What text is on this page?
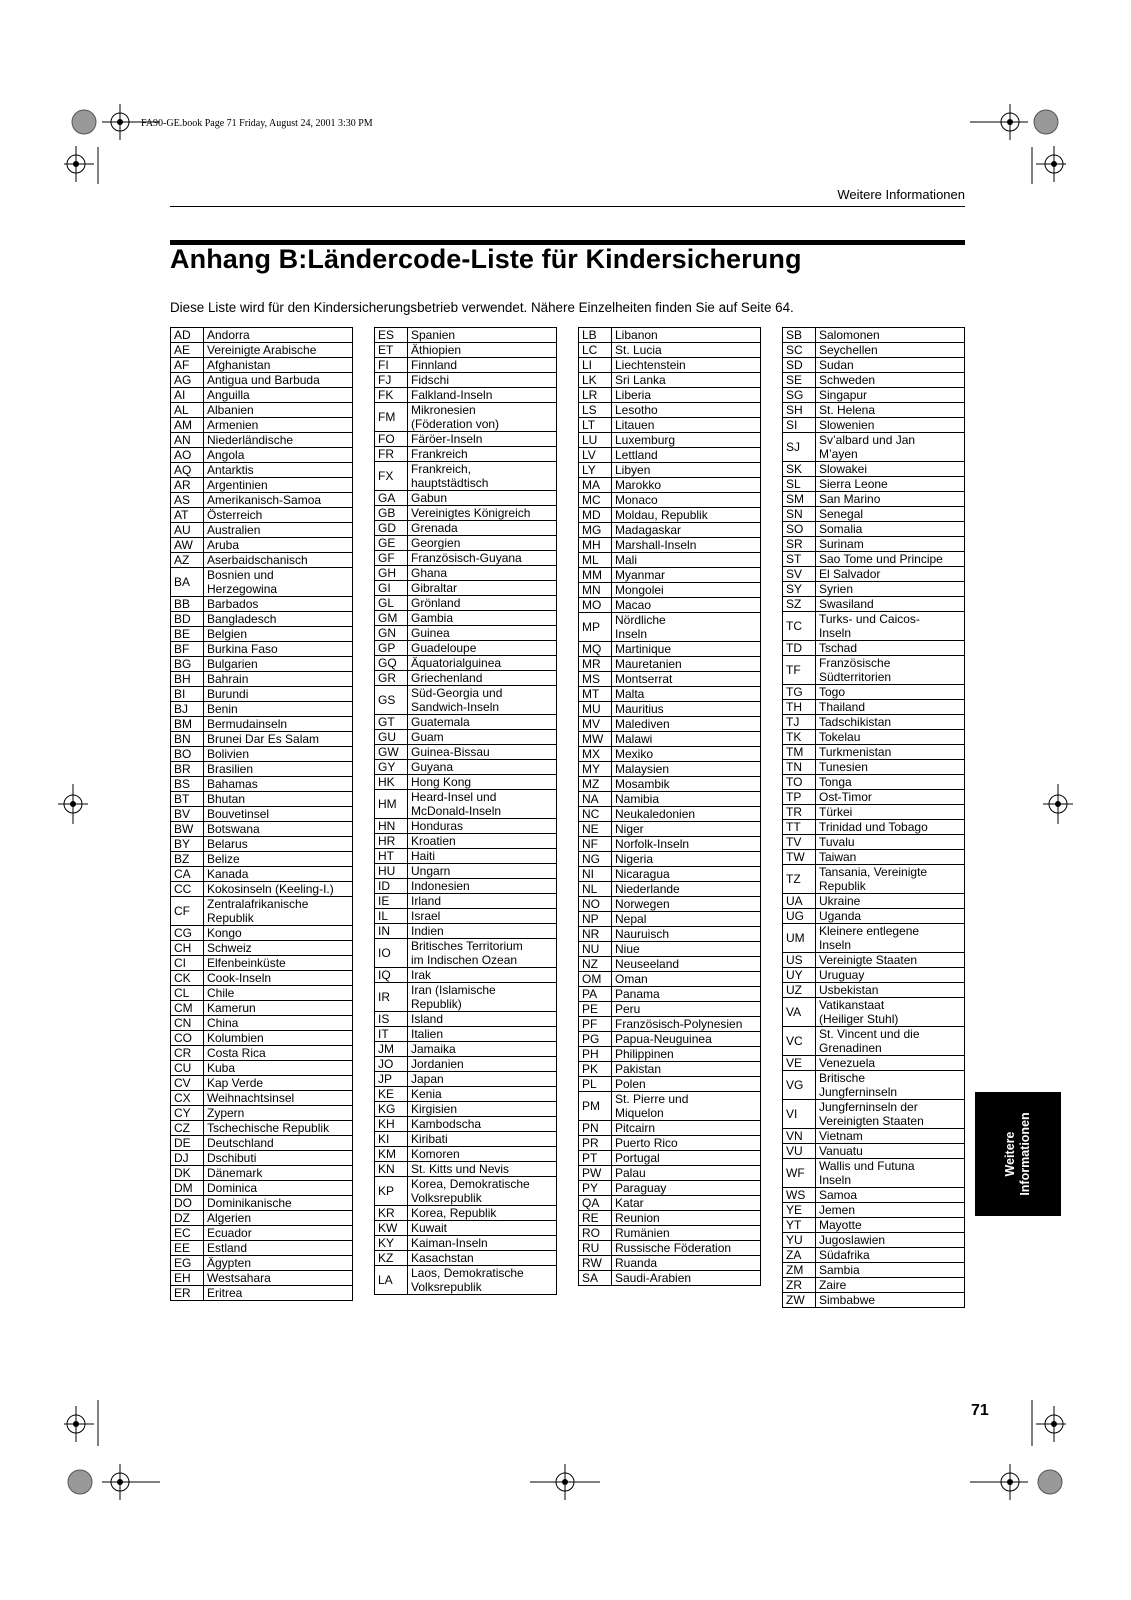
FA90-GE.book Page 71 Friday, August 24, 2001 3:30 PM
Weitere Informationen
Anhang B:Ländercode-Liste für Kindersicherung
Diese Liste wird für den Kindersicherungsbetrieb verwendet. Nähere Einzelheiten finden Sie auf Seite 64.
AD	Andorra
AE	Vereinigte Arabische
AF	Afghanistan
AG	Antigua und Barbuda
AI	Anguilla
AL	Albanien
AM	Armenien
AN	Niederländische
AO	Angola
AQ	Antarktis
AR	Argentinien
AS	Amerikanisch-Samoa
AT	Österreich
AU	Australien
AW	Aruba
AZ	Aserbaidschanisch
BA	Bosnien und
Herzegowina
BB	Barbados
BD	Bangladesch
BE	Belgien
BF	Burkina Faso
BG	Bulgarien
BH	Bahrain
BI	Burundi
BJ	Benin
BM	Bermudainseln
BN	Brunei Dar Es Salam
BO	Bolivien
BR	Brasilien
BS	Bahamas
BT	Bhutan
BV	Bouvetinsel
BW	Botswana
BY	Belarus
BZ	Belize
CA	Kanada
CC	Kokosinseln (Keeling-I.)
CF	Zentralafrikanische
Republik
CG	Kongo
CH	Schweiz
CI	Elfenbeinküste
CK	Cook-Inseln
CL	Chile
CM	Kamerun
CN	China
CO	Kolumbien
CR	Costa Rica
CU	Kuba
CV	Kap Verde
CX	Weihnachtsinsel
CY	Zypern
CZ	Tschechische Republik
DE	Deutschland
DJ	Dschibuti
DK	Dänemark
DM	Dominica
DO	Dominikanische
DZ	Algerien
EC	Ecuador
EE	Estland
EG	Ägypten
EH	Westsahara
ER	Eritrea
ES	Spanien
ET	Äthiopien
FI	Finnland
FJ	Fidschi
FK	Falkland-Inseln
FM	Mikronesien
(Föderation von)
FO	Färöer-Inseln
FR	Frankreich
FX	Frankreich,
hauptstädtisch
GA	Gabun
GB	Vereinigtes Königreich
GD	Grenada
GE	Georgien
GF	Französisch-Guyana
GH	Ghana
GI	Gibraltar
GL	Grönland
GM	Gambia
GN	Guinea
GP	Guadeloupe
GQ	Äquatorialguinea
GR	Griechenland
GS	Süd-Georgia und
Sandwich-Inseln
GT	Guatemala
GU	Guam
GW	Guinea-Bissau
GY	Guyana
HK	Hong Kong
HM	Heard-Insel und
McDonald-Inseln
HN	Honduras
HR	Kroatien
HT	Haiti
HU	Ungarn
ID	Indonesien
IE	Irland
IL	Israel
IN	Indien
IO	Britisches Territorium
im Indischen Ozean
IQ	Irak
IR	Iran (Islamische
Republik)
IS	Island
IT	Italien
JM	Jamaika
JO	Jordanien
JP	Japan
KE	Kenia
KG	Kirgisien
KH	Kambodscha
KI	Kiribati
KM	Komoren
KN	St. Kitts und Nevis
KP	Korea, Demokratische
Volksrepublik
KR	Korea, Republik
KW	Kuwait
KY	Kaiman-Inseln
KZ	Kasachstan
LA	Laos, Demokratische
Volksrepublik
LB	Libanon
LC	St. Lucia
LI	Liechtenstein
LK	Sri Lanka
LR	Liberia
LS	Lesotho
LT	Litauen
LU	Luxemburg
LV	Lettland
LY	Libyen
MA	Marokko
MC	Monaco
MD	Moldau, Republik
MG	Madagaskar
MH	Marshall-Inseln
ML	Mali
MM	Myanmar
MN	Mongolei
MO	Macao
MP	Nördliche
Inseln
MQ	Martinique
MR	Mauretanien
MS	Montserrat
MT	Malta
MU	Mauritius
MV	Malediven
MW	Malawi
MX	Mexiko
MY	Malaysien
MZ	Mosambik
NA	Namibia
NC	Neukaledonien
NE	Niger
NF	Norfolk-Inseln
NG	Nigeria
NI	Nicaragua
NL	Niederlande
NO	Norwegen
NP	Nepal
NR	Nauruisch
NU	Niue
NZ	Neuseeland
OM	Oman
PA	Panama
PE	Peru
PF	Französisch-Polynesien
PG	Papua-Neuguinea
PH	Philippinen
PK	Pakistan
PL	Polen
PM	St. Pierre und
Miquelon
PN	Pitcairn
PR	Puerto Rico
PT	Portugal
PW	Palau
PY	Paraguay
QA	Katar
RE	Reunion
RO	Rumänien
RU	Russische Föderation
RW	Ruanda
SA	Saudi-Arabien
SB	Salomonen
SC	Seychellen
SD	Sudan
SE	Schweden
SG	Singapur
SH	St. Helena
SI	Slowenien
SJ	Sv’albard und Jan
M’ayen
SK	Slowakei
SL	Sierra Leone
SM	San Marino
SN	Senegal
SO	Somalia
SR	Surinam
ST	Sao Tome und Principe
SV	El Salvador
SY	Syrien
SZ	Swasiland
TC	Turks- und Caicos-
Inseln
TD	Tschad
TF	Französische
Südterritorien
TG	Togo
TH	Thailand
TJ	Tadschikistan
TK	Tokelau
TM	Turkmenistan
TN	Tunesien
TO	Tonga
TP	Ost-Timor
TR	Türkei
TT	Trinidad und Tobago
TV	Tuvalu
TW	Taiwan
TZ	Tansania, Vereinigte
Republik
UA	Ukraine
UG	Uganda
UM	Kleinere entlegene
Inseln
US	Vereinigte Staaten
UY	Uruguay
UZ	Usbekistan
VA	Vatikanstaat
(Heiliger Stuhl)
VC	St. Vincent und die
Grenadinen
VE	Venezuela
VG	Britische
Jungferninseln
VI	Jungferninseln der
Vereinigten Staaten
VN	Vietnam
VU	Vanuatu
WF	Wallis und Futuna
Inseln
WS	Samoa
YE	Jemen
YT	Mayotte
YU	Jugoslawien
ZA	Südafrika
ZM	Sambia
ZR	Zaire
ZW	Simbabwe
Weitere
Informationen
71
